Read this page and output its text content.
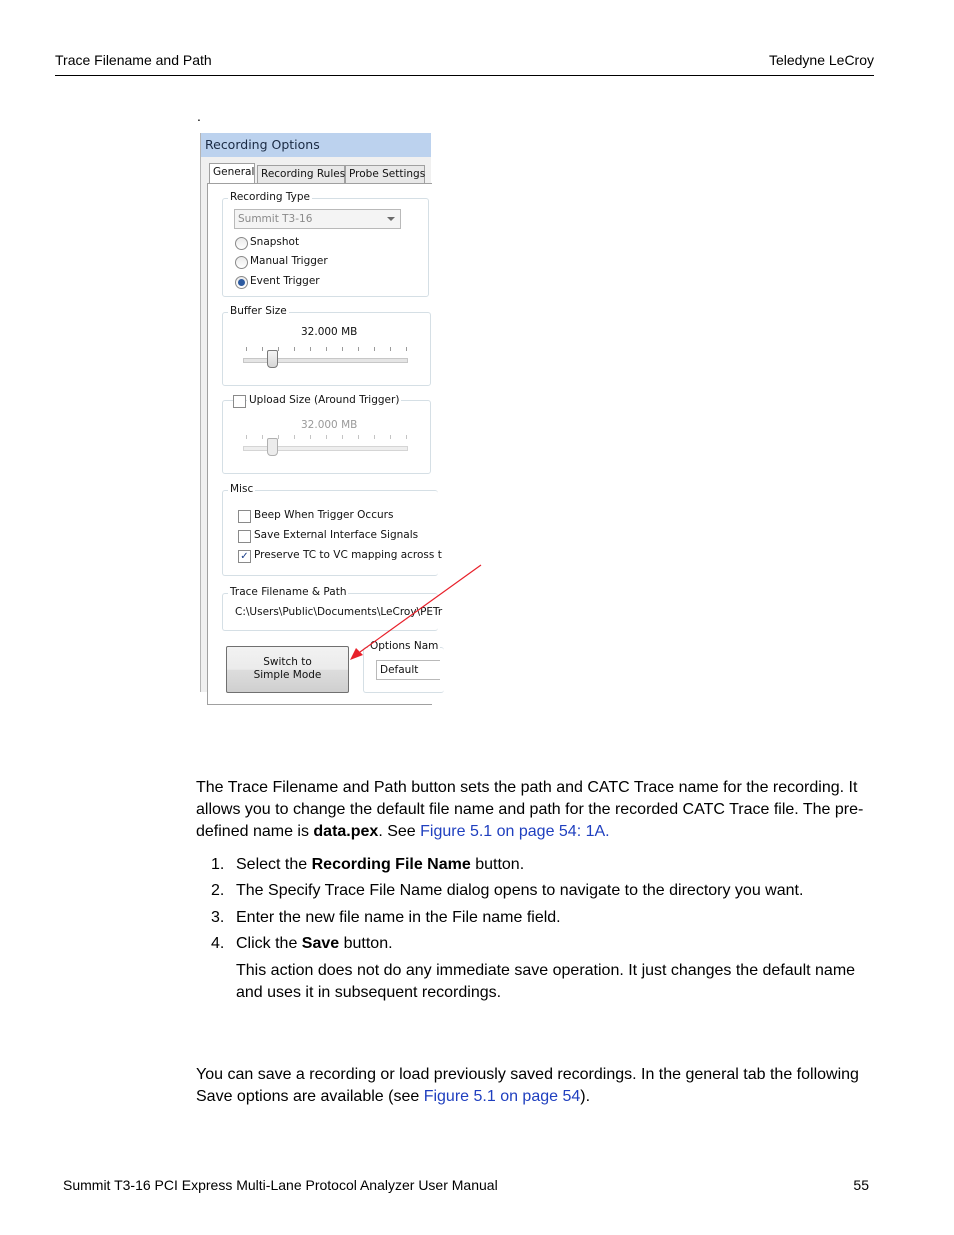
Trace Filename and Path	Teledyne LeCroy
.
Recording Options
General Recording Rules Probe Settings
Recording Type
Summit T3-16
Snapshot
Manual Trigger
Event Trigger
Buffer Size
32.000 MB
Upload Size (Around Trigger)
32.000 MB
Misc
Beep When Trigger Occurs
Save External Interface Signals
✓ Preserve TC to VC mapping across t
Trace Filename & Path
C:\Users\Public\Documents\LeCroy\PETr
Switch to
Simple Mode
Options Nam
Default
The Trace Filename and Path button sets the path and CATC Trace name for the recording. It allows you to change the default file name and path for the recorded CATC Trace file. The pre-defined name is data.pex. See Figure 5.1 on page 54: 1A.
1. Select the Recording File Name button.
2. The Specify Trace File Name dialog opens to navigate to the directory you want.
3. Enter the new file name in the File name field.
4. Click the Save button.
This action does not do any immediate save operation. It just changes the default name and uses it in subsequent recordings.
You can save a recording or load previously saved recordings. In the general tab the following Save options are available (see Figure 5.1 on page 54).
Summit T3-16 PCI Express Multi-Lane Protocol Analyzer User Manual	55
